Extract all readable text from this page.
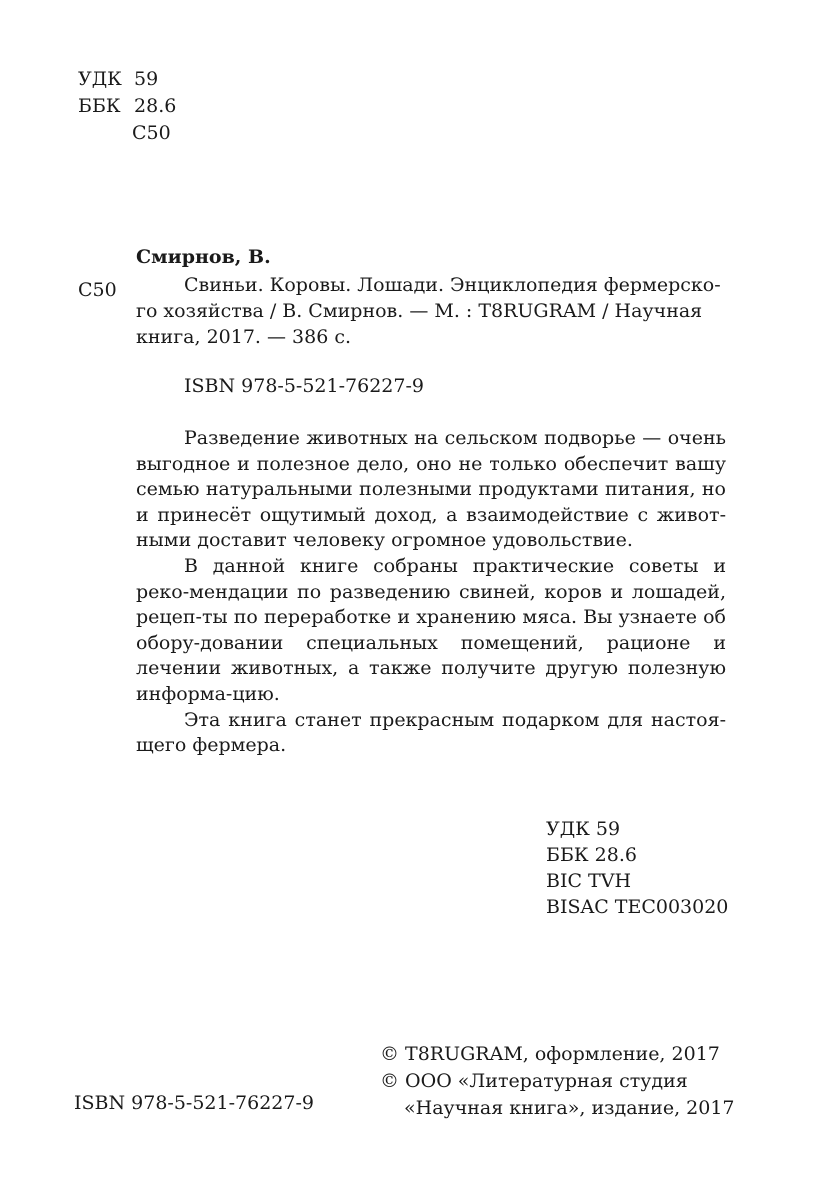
УДК 59
ББК 28.6
С50
Смирнов, В.
С50	Свиньи. Коровы. Лошади. Энциклопедия фермерско-
го хозяйства / В. Смирнов. — М. : T8RUGRAM / Научная
книга, 2017. — 386 с.
ISBN 978-5-521-76227-9

Разведение животных на сельском подворье — очень выгодное и полезное дело, оно не только обеспечит вашу семью натуральными полезными продуктами питания, но и принесёт ощутимый доход, а взаимодействие с живот-ными доставит человеку огромное удовольствие.

В данной книге собраны практические советы и реко-мендации по разведению свиней, коров и лошадей, рецеп-ты по переработке и хранению мяса. Вы узнаете об обору-довании специальных помещений, рационе и лечении животных, а также получите другую полезную информа-цию.

Эта книга станет прекрасным подарком для настоя-щего фермера.

УДК 59
ББК 28.6
BIC TVH
BISAC TEC003020
© T8RUGRAM, оформление, 2017
© ООО «Литературная студия
«Научная книга», издание, 2017
ISBN 978-5-521-76227-9
